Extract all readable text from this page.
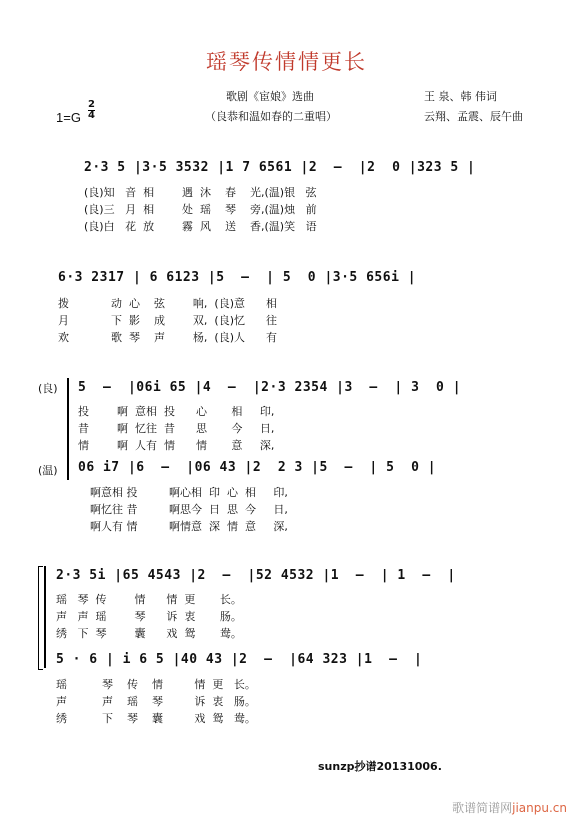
瑶琴传情情更长
歌剧《宦娘》选曲
（良恭和温如春的二重唱）
王 泉、韩 伟词
云翔、孟震、辰午曲
1=G
2
4
2·3 5 |3·5 3532 |1 7 6561 |2  –  |2  0 |323 5 |
(良)知   音  相        遇  沐    春    光,(温)银   弦
(良)三   月  相        处  瑶    琴    旁,(温)烛   前
(良)白   花  放        霧  风    送    香,(温)笑   语
6·3 2317 | 6 6123 |5  –  | 5  0 |3·5 656i |
拨            动  心    弦        响,  (良)意      相
月            下  影    成        双,  (良)忆      往
欢            歌  琴    声        杨,  (良)人      有
(良) 5  –  |06i 65 |4  –  |2·3 2354 |3  –  | 3  0 |
投        啊  意相  投      心       相     印,
昔        啊  忆往  昔      思       今     日,
情        啊  人有  情      情       意     深,
(温) 06 i7 |6  –  |06 43 |2  2 3 |5  –  | 5  0 |
啊意相 投         啊心相  印  心  相     印,
啊忆往 昔         啊思今  日  思  今     日,
啊人有 情         啊情意  深  情  意     深,
2·3 5i |65 4543 |2  –  |52 4532 |1  –  | 1  –  |
瑶   琴  传        情      情  更       长。
声   声  瑶        琴      诉  衷       肠。
绣   下  琴        囊      戏  鸳       鸯。
5 · 6 | i 6 5 |40 43 |2  –  |64 323 |1  –  |
瑶          琴    传    情         情  更   长。
声          声    瑶    琴         诉  衷   肠。
绣          下    琴    囊         戏  鸳   鸯。
sunzp抄谱20131006.
歌谱简谱网jianpu.cn
